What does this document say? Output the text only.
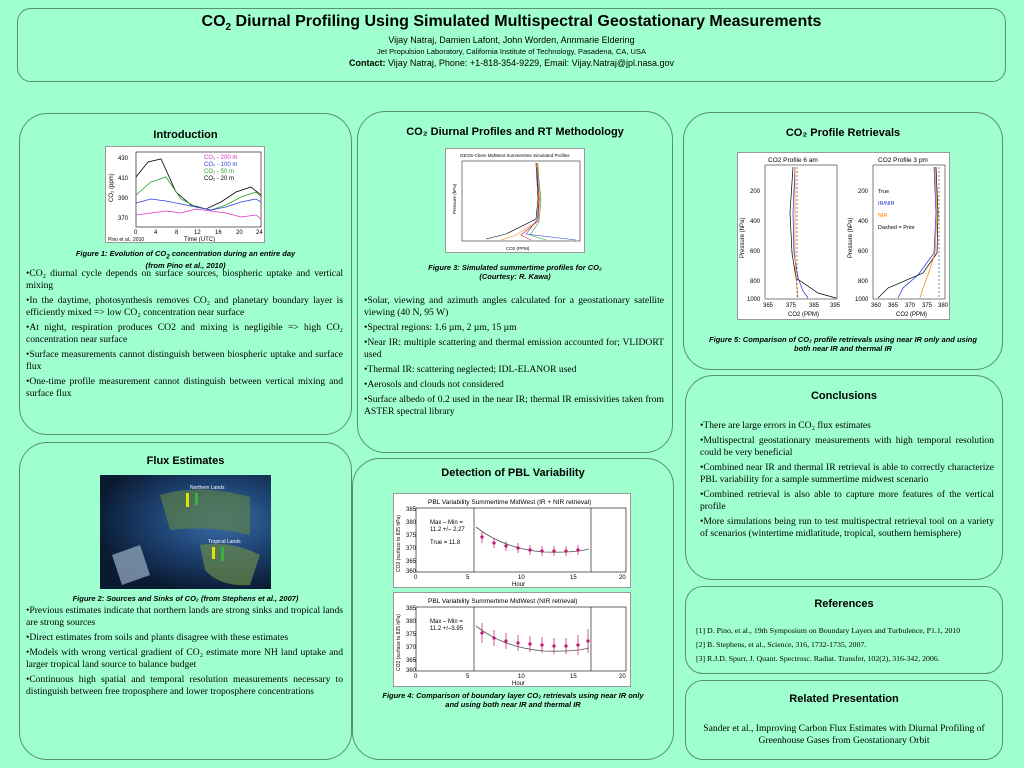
$CO_2$ Diurnal Profiling Using Simulated Multispectral Geostationary Measurements
Vijay Natraj, Damien Lafont, John Worden, Annmarie Eldering
Jet Propulsion Laboratory, California Institute of Technology, Pasadena, CA, USA
Contact: Vijay Natraj, Phone: +1-818-354-9229, Email: Vijay.Natraj@jpl.nasa.gov
Introduction
430
410
390
370
CO₂ (ppm)
CO₂ - 200 m
CO₂ - 100 m
CO₂ - 50 m
CO₂ - 20 m
0	4	8	12 16 20 24
Time (UTC)
Pino et al., 2010
Figure 1: Evolution of $CO_2$ concentration during an entire day
(from Pino et al., 2010)
• CO₂ diurnal cycle depends on surface sources, biospheric uptake and vertical mixing
• In the daytime, photosynthesis removes CO₂ and planetary boundary layer is efficiently mixed => low CO₂ concentration near surface
• At night, respiration produces CO2 and mixing is negligible => high CO₂ concentration near surface
• Surface measurements cannot distinguish between biospheric uptake and surface flux
• One-time profile measurement cannot distinguish between vertical mixing and surface flux
Flux Estimates
Northern Lands
Tropical Lands
Figure 2: Sources and Sinks of CO₂ (from Stephens et al., 2007)
• Previous estimates indicate that northern lands are strong sinks and tropical lands are strong sources
• Direct estimates from soils and plants disagree with these estimates
• Models with wrong vertical gradient of CO₂ estimate more NH land uptake and larger tropical land source to balance budget
• Continuous high spatial and temporal resolution measurements necessary to distinguish between free troposphere and lower troposphere concentrations
CO₂ Diurnal Profiles and RT Methodology
GEOS-Chem MidWest Summertime Simulated Profiles
CO2 (PPM)
Pressure (hPa)
Figure 3: Simulated summertime profiles for CO₂
(Courtesy: R. Kawa)
• Solar, viewing and azimuth angles calculated for a geostationary satellite viewing (40 N, 95 W)
• Spectral regions: 1.6 µm, 2 µm, 15 µm
• Near IR: multiple scattering and thermal emission accounted for; VLIDORT used
• Thermal IR: scattering neglected; IDL-ELANOR used
• Aerosols and clouds not considered
• Surface albedo of 0.2 used in the near IR; thermal IR emissivities taken from ASTER spectral library
Detection of PBL Variability
PBL Variability Summertime MidWest (IR + NIR retrieval)
Max – Min =
11.2 +/– 2.27
True = 11.8
385
380
375
370
365
360
0	5	10	15	20
Hour
CO2 (surface to 825 hPa)
PBL Variability Summertime MidWest (NIR retrieval)
Max – Min =
11.2 +/–3.95
385
380
375
370
365
360
0	5	10	15	20
Hour
CO2 (surface to 825 hPa)
Figure 4: Comparison of boundary layer CO₂ retrievals using near IR only
and using both near IR and thermal IR
CO₂ Profile Retrievals
CO2 Profile 6 am	CO2 Profile 3 pm
True
IR/NIR
NIR
Dashed = Prior
200
400
600
800
1000
200
400
600
800
1000
365 375 385 395	360 365 370 375 380
CO2 (PPM)	CO2 (PPM)
Pressure (hPa)	Pressure (hPa)
Figure 5: Comparison of CO₂ profile retrievals using near IR only and using
both near IR and thermal IR
Conclusions
• There are large errors in CO₂ flux estimates
• Multispectral geostationary measurements with high temporal resolution could be very beneficial
• Combined near IR and thermal IR retrieval is able to correctly characterize PBL variability for a sample summertime midwest scenario
• Combined retrieval is also able to capture more features of the vertical profile
• More simulations being run to test multispectral retrieval tool on a variety of scenarios (wintertime midlatitude, tropical, southern hemisphere)
References
[1] D. Pino, et al., 19th Symposium on Boundary Layers and Turbulence, P1.1, 2010
[2] B. Stephens, et al., Science, 316, 1732-1735, 2007.
[3] R.J.D. Spurr, J. Quant. Spectrosc. Radiat. Transfer, 102(2), 316-342, 2006.
Related Presentation
Sander et al., Improving Carbon Flux Estimates with Diurnal Profiling of Greenhouse Gases from Geostationary Orbit
